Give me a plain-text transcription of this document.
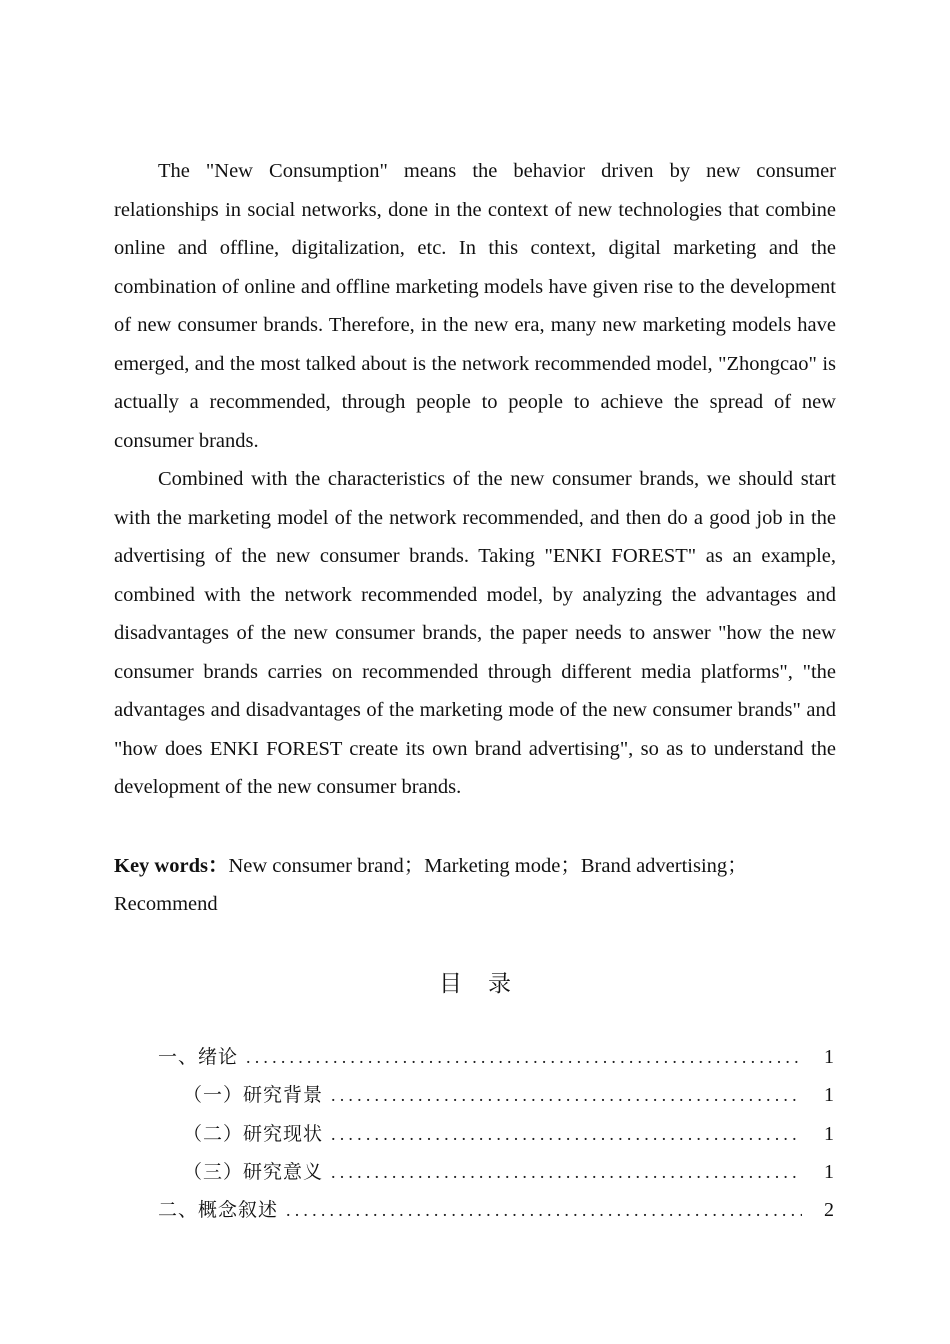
The "New Consumption" means the behavior driven by new consumer relationships in social networks, done in the context of new technologies that combine online and offline, digitalization, etc. In this context, digital marketing and the combination of online and offline marketing models have given rise to the development of new consumer brands. Therefore, in the new era, many new marketing models have emerged, and the most talked about is the network recommended model, "Zhongcao" is actually a recommended, through people to people to achieve the spread of new consumer brands.

Combined with the characteristics of the new consumer brands, we should start with the marketing model of the network recommended, and then do a good job in the advertising of the new consumer brands. Taking "ENKI FOREST" as an example, combined with the network recommended model, by analyzing the advantages and disadvantages of the new consumer brands, the paper needs to answer "how the new consumer brands carries on recommended through different media platforms", "the advantages and disadvantages of the marketing mode of the new consumer brands" and "how does ENKI FOREST create its own brand advertising", so as to understand the development of the new consumer brands.

Key words：New consumer brand；Marketing mode；Brand advertising；Recommend

目录
一、绪论 .....	1
（一）研究背景 .....	1
（二）研究现状 .....	1
（三）研究意义 .....	1
二、概念叙述 .....	2
